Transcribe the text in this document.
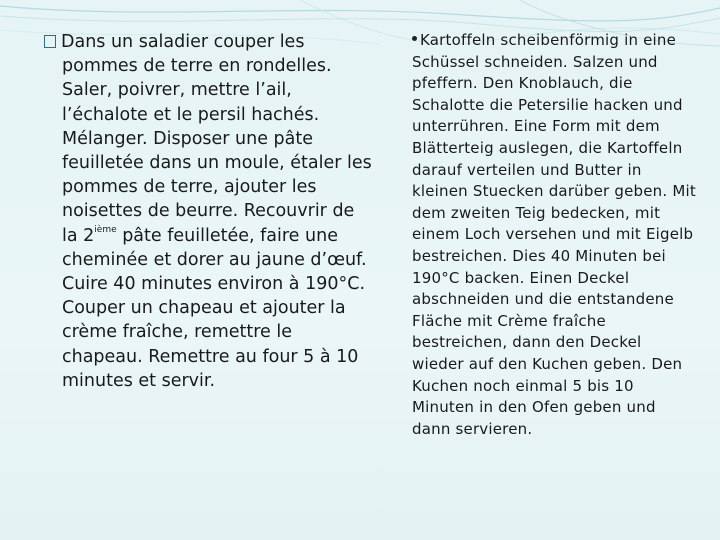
Dans un saladier couper les pommes de terre en rondelles. Saler, poivrer, mettre l’ail, l’échalote et le persil hachés. Mélanger. Disposer une pâte feuilletée dans un moule, étaler les pommes de terre, ajouter les noisettes de beurre. Recouvrir de la 2ième pâte feuilletée, faire une cheminée et dorer au jaune d’œuf. Cuire 40 minutes environ à 190°C. Couper un chapeau et ajouter la crème fraîche, remettre le chapeau. Remettre au four 5 à 10 minutes et servir.

Kartoffeln scheibenförmig in eine Schüssel schneiden. Salzen und pfeffern. Den Knoblauch, die Schalotte die Petersilie hacken und unterrühren. Eine Form mit dem Blätterteig auslegen, die Kartoffeln darauf verteilen und Butter in kleinen Stuecken darüber geben. Mit dem zweiten Teig bedecken, mit einem Loch versehen und mit Eigelb bestreichen. Dies 40 Minuten bei 190°C backen. Einen Deckel abschneiden und die entstandene Fläche mit Crème fraîche bestreichen, dann den Deckel wieder auf den Kuchen geben. Den Kuchen noch einmal 5 bis 10 Minuten in den Ofen geben und dann servieren.
